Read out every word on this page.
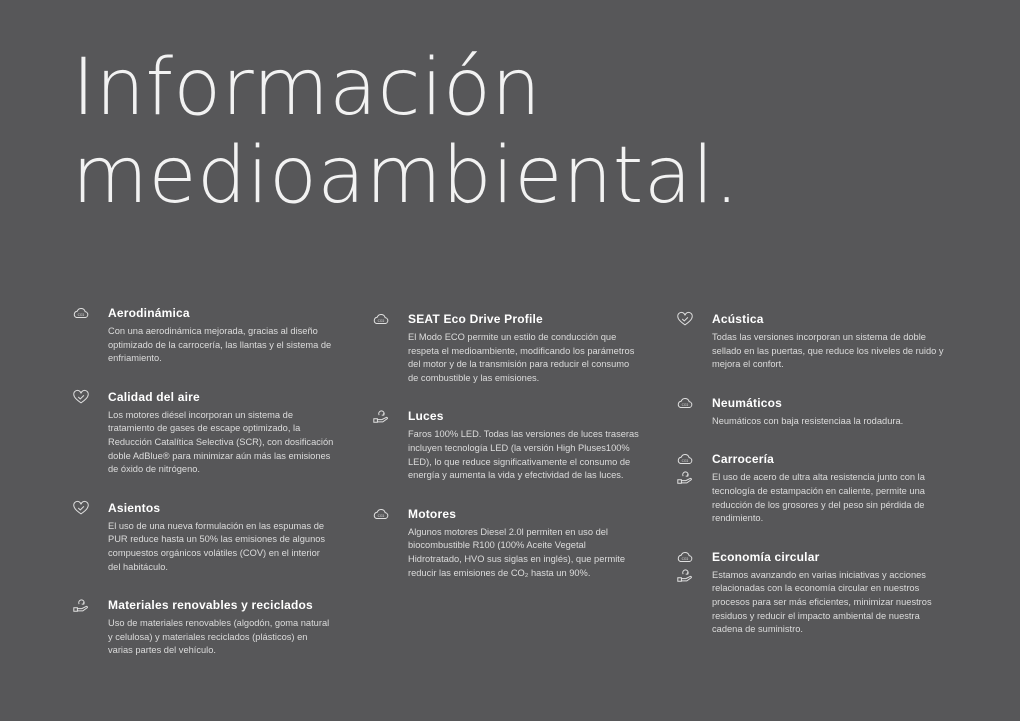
Información
medioambiental.
Aerodinámica

Con una aerodinámica mejorada, gracias al diseño optimizado de la carrocería, las llantas y el sistema de enfriamiento.

Calidad del aire

Los motores diésel incorporan un sistema de tratamiento de gases de escape optimizado, la Reducción Catalítica Selectiva (SCR), con dosificación doble AdBlue® para minimizar aún más las emisiones de óxido de nitrógeno.

Asientos

El uso de una nueva formulación en las espumas de PUR reduce hasta un 50% las emisiones de algunos compuestos orgánicos volátiles (COV) en el interior del habitáculo.

Materiales renovables y reciclados

Uso de materiales renovables (algodón, goma natural y celulosa) y materiales reciclados (plásticos) en varias partes del vehículo.

SEAT Eco Drive Profile

El Modo ECO permite un estilo de conducción que respeta el medioambiente, modificando los parámetros del motor y de la transmisión para reducir el consumo de combustible y las emisiones.

Luces

Faros 100% LED. Todas las versiones de luces traseras incluyen tecnología LED (la versión High Pluses100% LED), lo que reduce significativamente el consumo de energía y aumenta la vida y efectividad de las luces.

Motores

Algunos motores Diesel 2.0l permiten en uso del biocombustible R100 (100% Aceite Vegetal Hidrotratado, HVO sus siglas en inglés), que permite reducir las emisiones de CO₂ hasta un 90%.

Acústica

Todas las versiones incorporan un sistema de doble sellado en las puertas, que reduce los niveles de ruido y mejora el confort.

Neumáticos

Neumáticos con baja resistenciaa la rodadura.

Carrocería

El uso de acero de ultra alta resistencia junto con la tecnología de estampación en caliente, permite una reducción de los grosores y del peso sin pérdida de rendimiento.

Economía circular

Estamos avanzando en varias iniciativas y acciones relacionadas con la economía circular en nuestros procesos para ser más eficientes, minimizar nuestros residuos y reducir el impacto ambiental de nuestra cadena de suministro.
